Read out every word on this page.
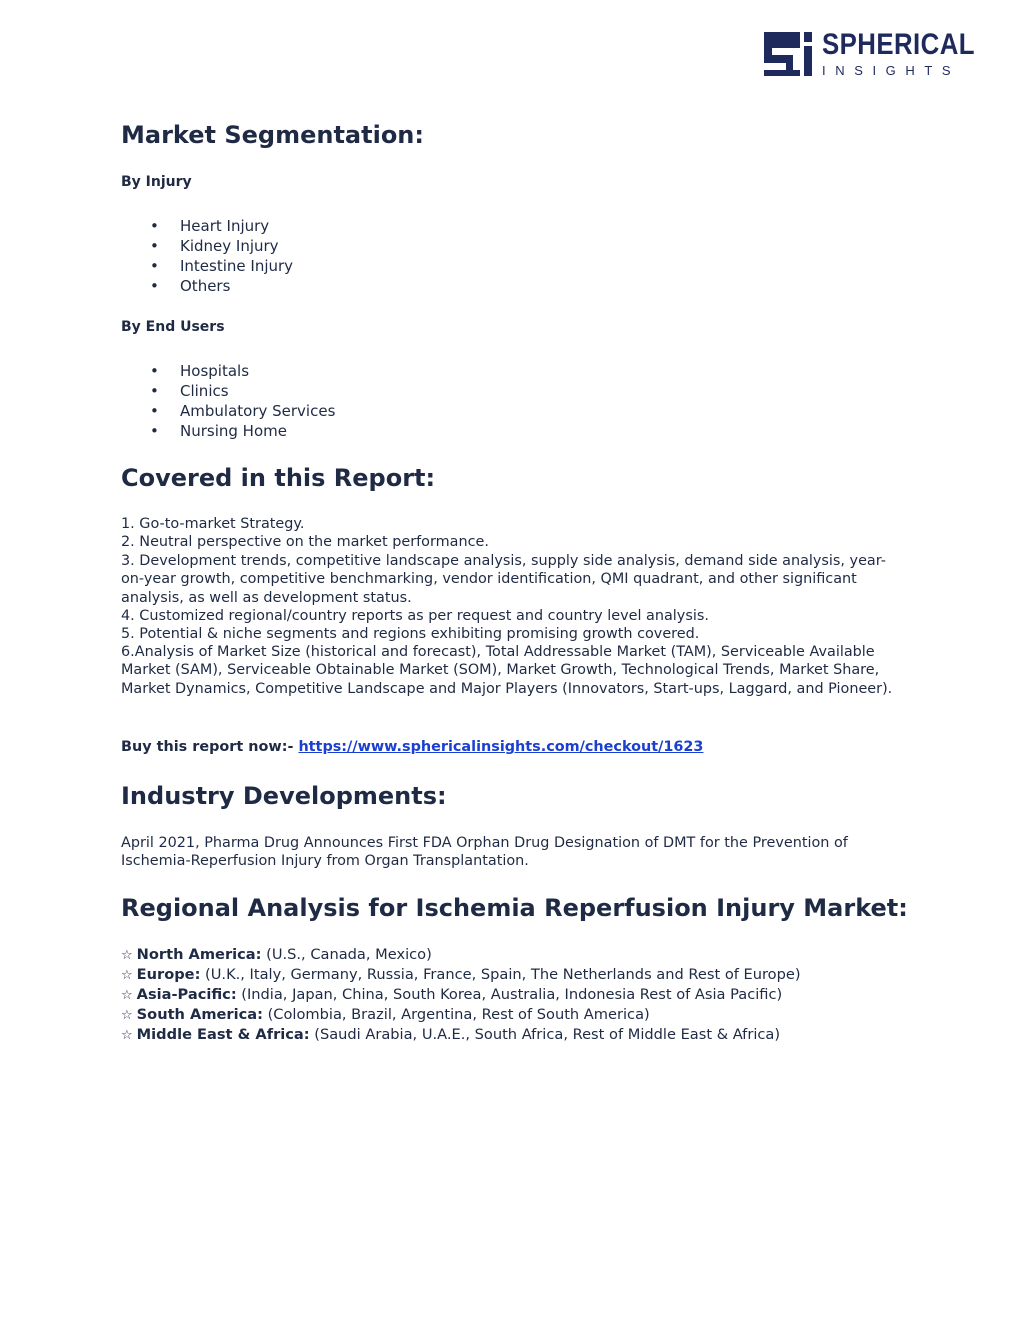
SPHERICAL
INSIGHTS
Market Segmentation:

By Injury

• Heart Injury
• Kidney Injury
• Intestine Injury
• Others

By End Users

• Hospitals
• Clinics
• Ambulatory Services
• Nursing Home
Covered in this Report:

1. Go-to-market Strategy.

2. Neutral perspective on the market performance.

3. Development trends, competitive landscape analysis, supply side analysis, demand side analysis, year-on-year growth, competitive benchmarking, vendor identification, QMI quadrant, and other significant analysis, as well as development status.

4. Customized regional/country reports as per request and country level analysis.

5. Potential & niche segments and regions exhibiting promising growth covered.

6.Analysis of Market Size (historical and forecast), Total Addressable Market (TAM), Serviceable Available Market (SAM), Serviceable Obtainable Market (SOM), Market Growth, Technological Trends, Market Share, Market Dynamics, Competitive Landscape and Major Players (Innovators, Start-ups, Laggard, and Pioneer).

Buy this report now:- https://www.sphericalinsights.com/checkout/1623

Industry Developments:

April 2021, Pharma Drug Announces First FDA Orphan Drug Designation of DMT for the Prevention of Ischemia-Reperfusion Injury from Organ Transplantation.

Regional Analysis for Ischemia Reperfusion Injury Market:
☆ North America: (U.S., Canada, Mexico)
☆ Europe: (U.K., Italy, Germany, Russia, France, Spain, The Netherlands and Rest of Europe)
☆ Asia-Pacific: (India, Japan, China, South Korea, Australia, Indonesia Rest of Asia Pacific)
☆ South America: (Colombia, Brazil, Argentina, Rest of South America)
☆ Middle East & Africa: (Saudi Arabia, U.A.E., South Africa, Rest of Middle East & Africa)
